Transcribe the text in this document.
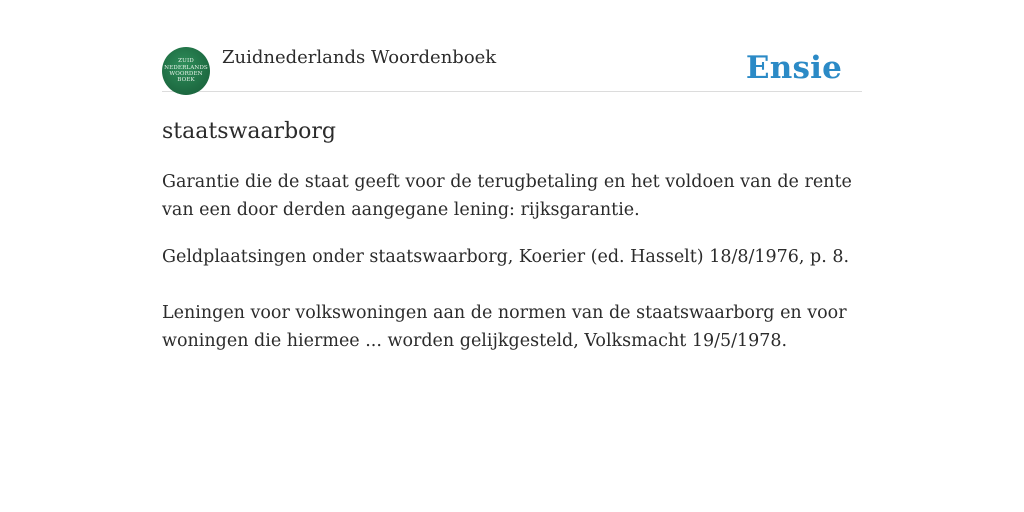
ZUID
NEDERLANDS
WOORDEN
BOEK
Zuidnederlands Woordenboek	Ensie
staatswaarborg
Garantie die de staat geeft voor de terugbetaling en het voldoen van de rente van een door derden aangegane lening: rijksgarantie.
Geldplaatsingen onder staatswaarborg, Koerier (ed. Hasselt) 18/8/1976, p. 8.
Leningen voor volkswoningen aan de normen van de staatswaarborg en voor woningen die hiermee ... worden gelijkgesteld, Volksmacht 19/5/1978.
